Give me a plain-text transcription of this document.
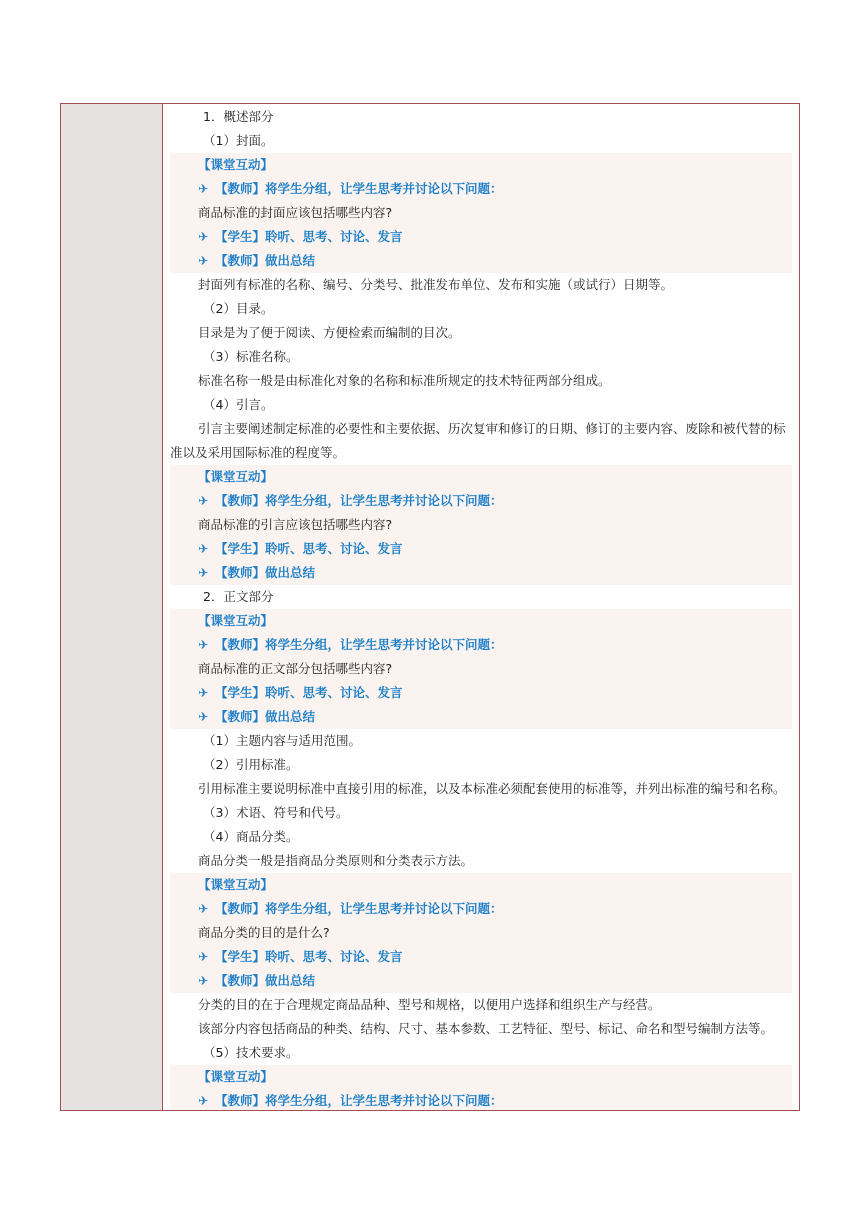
1．概述部分
（1）封面。
【课堂互动】
✈ 【教师】将学生分组，让学生思考并讨论以下问题：
商品标准的封面应该包括哪些内容?
✈ 【学生】聆听、思考、讨论、发言
✈ 【教师】做出总结
封面列有标准的名称、编号、分类号、批准发布单位、发布和实施（或试行）日期等。
（2）目录。
目录是为了便于阅读、方便检索而编制的目次。
（3）标准名称。
标准名称一般是由标准化对象的名称和标准所规定的技术特征两部分组成。
（4）引言。
引言主要阐述制定标准的必要性和主要依据、历次复审和修订的日期、修订的主要内容、废除和被代替的标准以及采用国际标准的程度等。
【课堂互动】
✈ 【教师】将学生分组，让学生思考并讨论以下问题：
商品标准的引言应该包括哪些内容?
✈ 【学生】聆听、思考、讨论、发言
✈ 【教师】做出总结
2．正文部分
【课堂互动】
✈ 【教师】将学生分组，让学生思考并讨论以下问题：
商品标准的正文部分包括哪些内容?
✈ 【学生】聆听、思考、讨论、发言
✈ 【教师】做出总结
（1）主题内容与适用范围。
（2）引用标准。
引用标准主要说明标准中直接引用的标准，以及本标准必须配套使用的标准等，并列出标准的编号和名称。
（3）术语、符号和代号。
（4）商品分类。
商品分类一般是指商品分类原则和分类表示方法。
【课堂互动】
✈ 【教师】将学生分组，让学生思考并讨论以下问题：
商品分类的目的是什么?
✈ 【学生】聆听、思考、讨论、发言
✈ 【教师】做出总结
分类的目的在于合理规定商品品种、型号和规格，以便用户选择和组织生产与经营。
该部分内容包括商品的种类、结构、尺寸、基本参数、工艺特征、型号、标记、命名和型号编制方法等。
（5）技术要求。
【课堂互动】
✈ 【教师】将学生分组，让学生思考并讨论以下问题：
